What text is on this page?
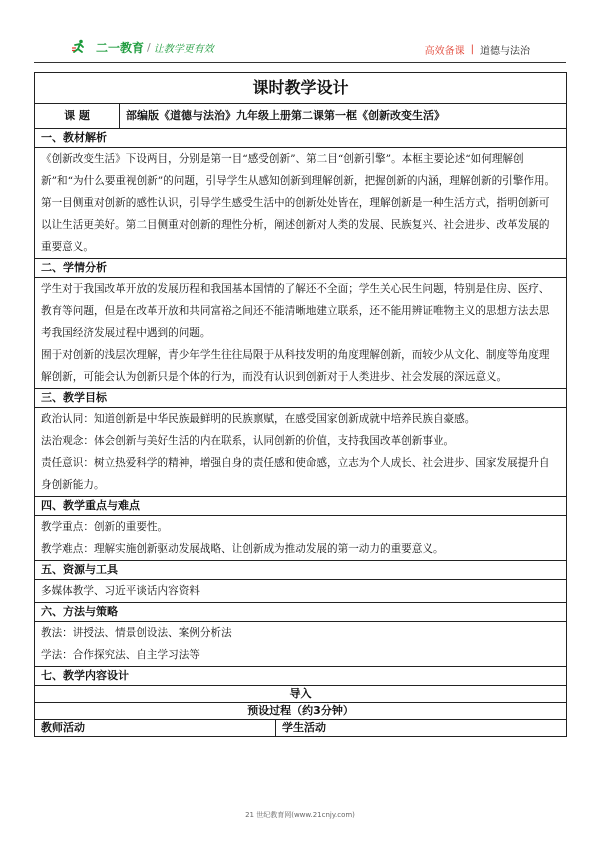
二一教育 / 让教学更有效	高效备课 | 道德与法治
课时教学设计		
课 题	部编版《道德与法治》九年级上册第二课第一框《创新改变生活》	
一、教材解析		

《创新改变生活》下设两目，分别是第一目“感受创新”、第二目“创新引擎”。本框主要论述“如何理解创新”和“为什么要重视创新”的问题，引导学生从感知创新到理解创新，把握创新的内涵，理解创新的引擎作用。第一目侧重对创新的感性认识，引导学生感受生活中的创新处处皆在，理解创新是一种生活方式，指明创新可以让生活更美好。第二目侧重对创新的理性分析，阐述创新对人类的发展、民族复兴、社会进步、改革发展的重要意义。		

二、学情分析		

学生对于我国改革开放的发展历程和我国基本国情的了解还不全面；学生关心民生问题，特别是住房、医疗、教育等问题，但是在改革开放和共同富裕之间还不能清晰地建立联系，还不能用辨证唯物主义的思想方法去思考我国经济发展过程中遇到的问题。

囿于对创新的浅层次理解，青少年学生往往局限于从科技发明的角度理解创新，而较少从文化、制度等角度理解创新，可能会认为创新只是个体的行为，而没有认识到创新对于人类进步、社会发展的深远意义。		

三、教学目标		

政治认同：知道创新是中华民族最鲜明的民族禀赋，在感受国家创新成就中培养民族自豪感。

法治观念：体会创新与美好生活的内在联系，认同创新的价值，支持我国改革创新事业。

责任意识：树立热爱科学的精神，增强自身的责任感和使命感，立志为个人成长、社会进步、国家发展提升自身创新能力。		

四、教学重点与难点		

教学重点：创新的重要性。

教学难点：理解实施创新驱动发展战略、让创新成为推动发展的第一动力的重要意义。		

五、资源与工具		

多媒体教学、习近平谈话内容资料		

六、方法与策略		

教法：讲授法、情景创设法、案例分析法

学法：合作探究法、自主学习法等		

七、教学内容设计		
导入		
预设过程（约3分钟）		
教师活动		学生活动
21 世纪教育网(www.21cnjy.com)
